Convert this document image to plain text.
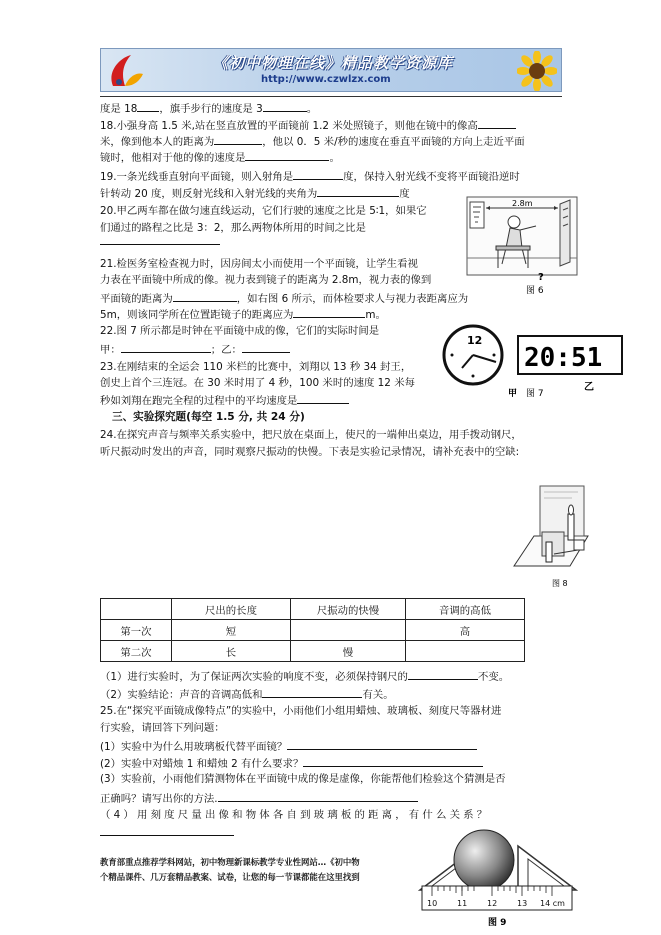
《初中物理在线》精品教学资源库
http://www.czwlzx.com
度是 18 ，旗手步行的速度是 3	。
18.小强身高 1.5 米,站在竖直放置的平面镜前 1.2 米处照镜子，则他在镜中的像高
米，像到他本人的距离为	，他以 0．5 米/秒的速度在垂直平面镜的方向上走近平面
镜时，他相对于他的像的速度是	。
19.一条光线垂直射向平面镜，则入射角是	度，保持入射光线不变将平面镜沿逆时
针转动 20 度，则反射光线和入射光线的夹角为	度
20.甲乙两车都在做匀速直线运动，它们行驶的速度之比是 5∶1，如果它
们通过的路程之比是 3：2，那么两物体所用的时间之比是
2.8m
?
图 6
21.检医务室检查视力时，因房间太小而使用一个平面镜，让学生看视
力表在平面镜中所成的像。视力表到镜子的距离为 2.8m，视力表的像到
平面镜的距离为	，如右图 6 所示，而体检要求人与视力表距离应为
5m，则该同学所在位置距镜子的距离应为	m。
22.图 7 所示都是时钟在平面镜中成的像，它们的实际时间是
甲：	；乙：
12
甲 图 7
20:51
乙
23.在刚结束的全运会 110 米栏的比赛中，刘翔以 13 秒 34 封王，
创史上首个三连冠。在 30 米时用了 4 秒，100 米时的速度 12 米每
秒如刘翔在跑完全程的过程中的平均速度是
三、实验探究题(每空 1.5 分, 共 24 分)
24.在探究声音与频率关系实验中，把尺放在桌面上，使尺的一端伸出桌边，用手拨动钢尺，
听尺振动时发出的声音，同时观察尺振动的快慢。下表是实验记录情况，请补充表中的空缺:
图 8
	尺出的长度	尺振动的快慢	音调的高低
第一次	短		高
第二次	长	慢	
（1）进行实验时，为了保证两次实验的响度不变，必须保持钢尺的	不变。
（2）实验结论：声音的音调高低和	有关。
25.在“探究平面镜成像特点”的实验中，小雨他们小组用蜡烛、玻璃板、刻度尺等器材进
行实验，请回答下列问题：
(1）实验中为什么用玻璃板代替平面镜？
(2）实验中对蜡烛 1 和蜡烛 2 有什么要求？
(3）实验前，小雨他们猜测物体在平面镜中成的像是虚像，你能帮他们检验这个猜测是否
正确吗？请写出你的方法.
（4）用刻度尺量出像和物体各自到玻璃板的距离，有什么关系？
教育部重点推荐学科网站，初中物理新课标教学专业性网站…《初中物
个精品课件、几万套精品教案、试卷，让您的每一节课都能在这里找到
10 11 12 13 14 cm
图 9
